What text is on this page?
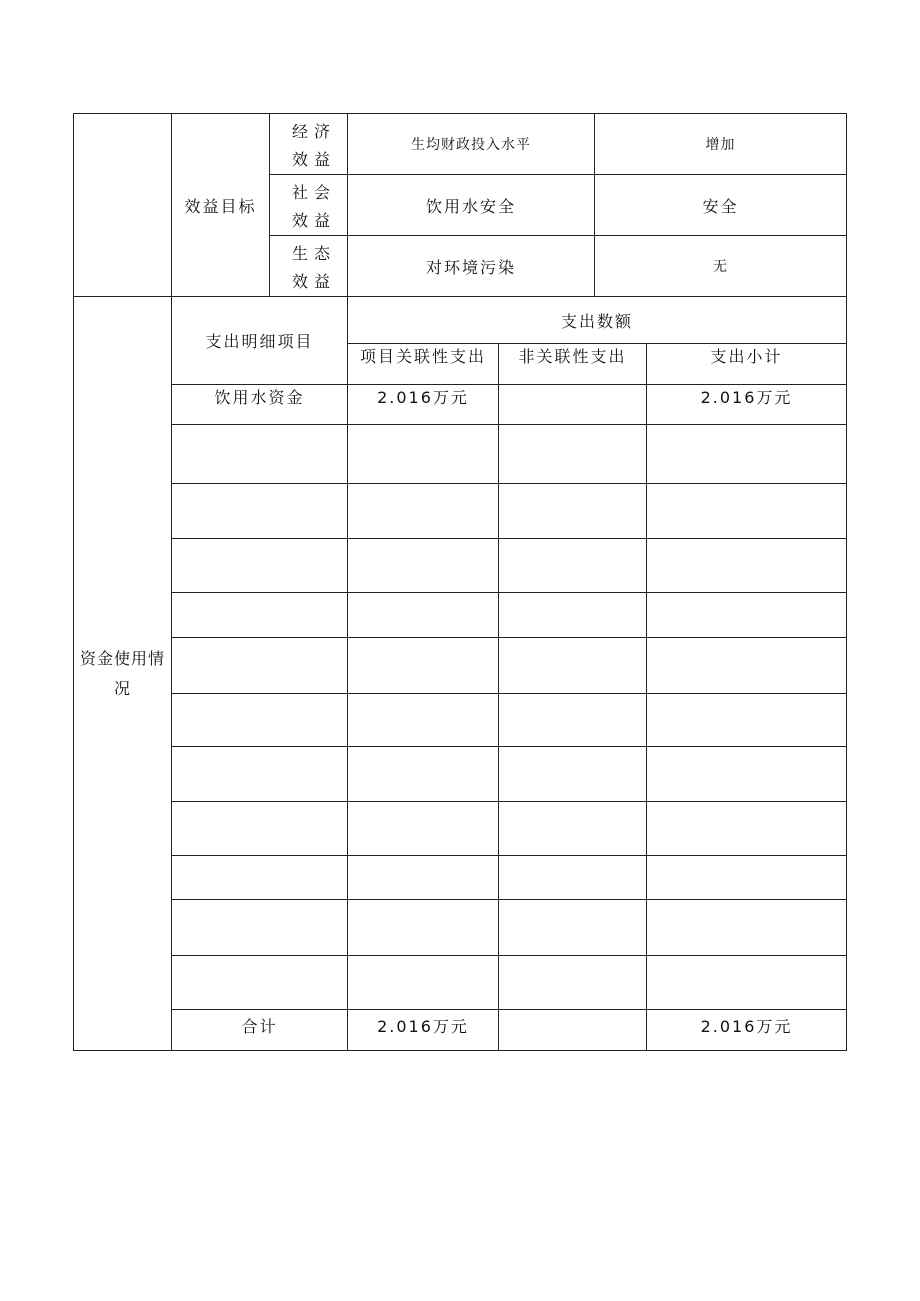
	效益目标	经济效益	生均财政投入水平		增加	
		社会效益	饮用水安全		安全	
		生态效益	对环境污染		无	
资金使用情况	支出明细项目		支出数额			
			项目关联性支出	非关联性支出		支出小计
	饮用水资金		2.016万元			2.016万元

	合计		2.016万元			2.016万元
